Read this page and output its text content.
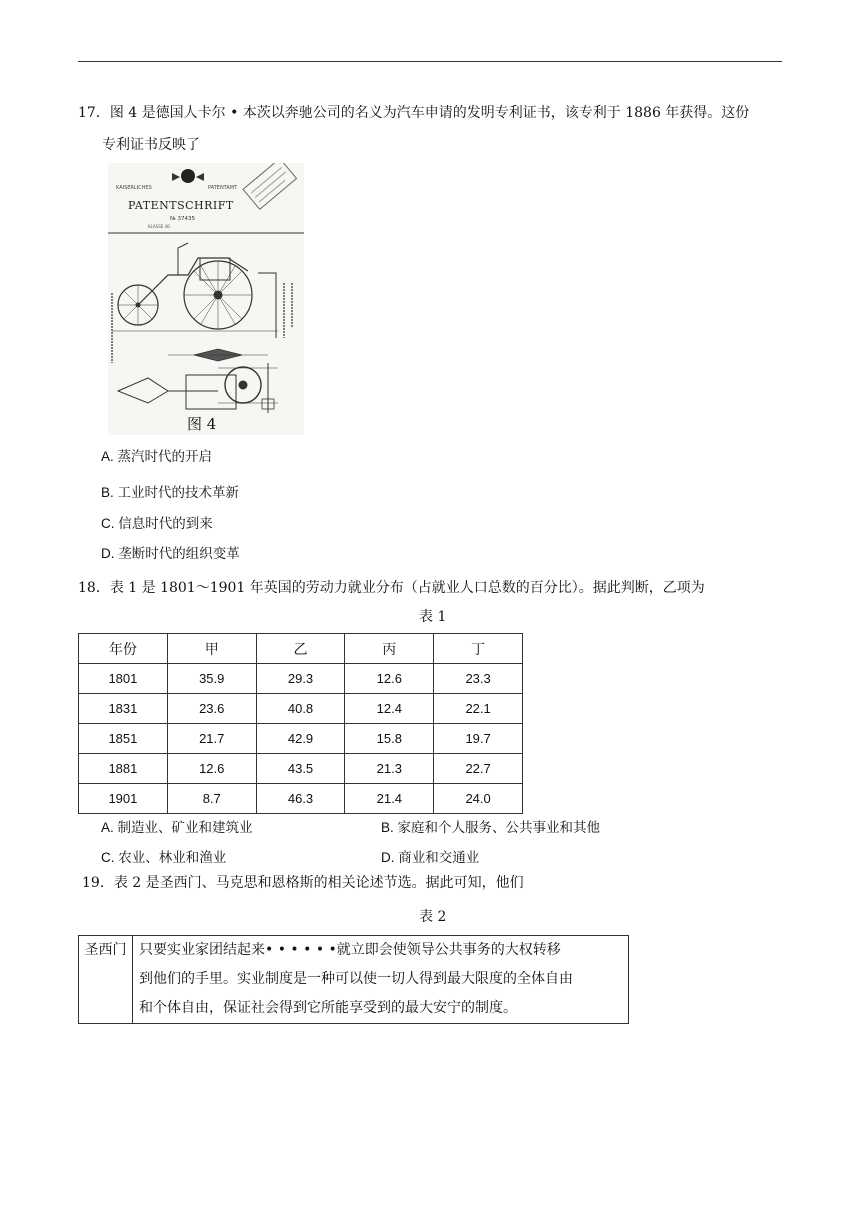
17．图 4 是德国人卡尔 • 本茨以奔驰公司的名义为汽车申请的发明专利证书，该专利于 1886 年获得。这份
专利证书反映了
KAISERLICHES	PATENTAMT
PATENTSCHRIFT
№ 37435
KLASSE 46:
图 4
A. 蒸汽时代的开启
B. 工业时代的技术革新
C. 信息时代的到来
D. 垄断时代的组织变革
18．表 1 是 1801～1901 年英国的劳动力就业分布（占就业人口总数的百分比）。据此判断，乙项为
表 1
年份	甲	乙	丙	丁
1801	35.9	29.3	12.6	23.3
1831	23.6	40.8	12.4	22.1
1851	21.7	42.9	15.8	19.7
1881	12.6	43.5	21.3	22.7
1901	8.7	46.3	21.4	24.0
A. 制造业、矿业和建筑业	B. 家庭和个人服务、公共事业和其他
C. 农业、林业和渔业	D. 商业和交通业
19．表 2 是圣西门、马克思和恩格斯的相关论述节选。据此可知，他们
表 2
圣西门	只要实业家团结起来• • • • • •就立即会使领导公共事务的大权转移
到他们的手里。实业制度是一种可以使一切人得到最大限度的全体自由
和个体自由，保证社会得到它所能享受到的最大安宁的制度。
